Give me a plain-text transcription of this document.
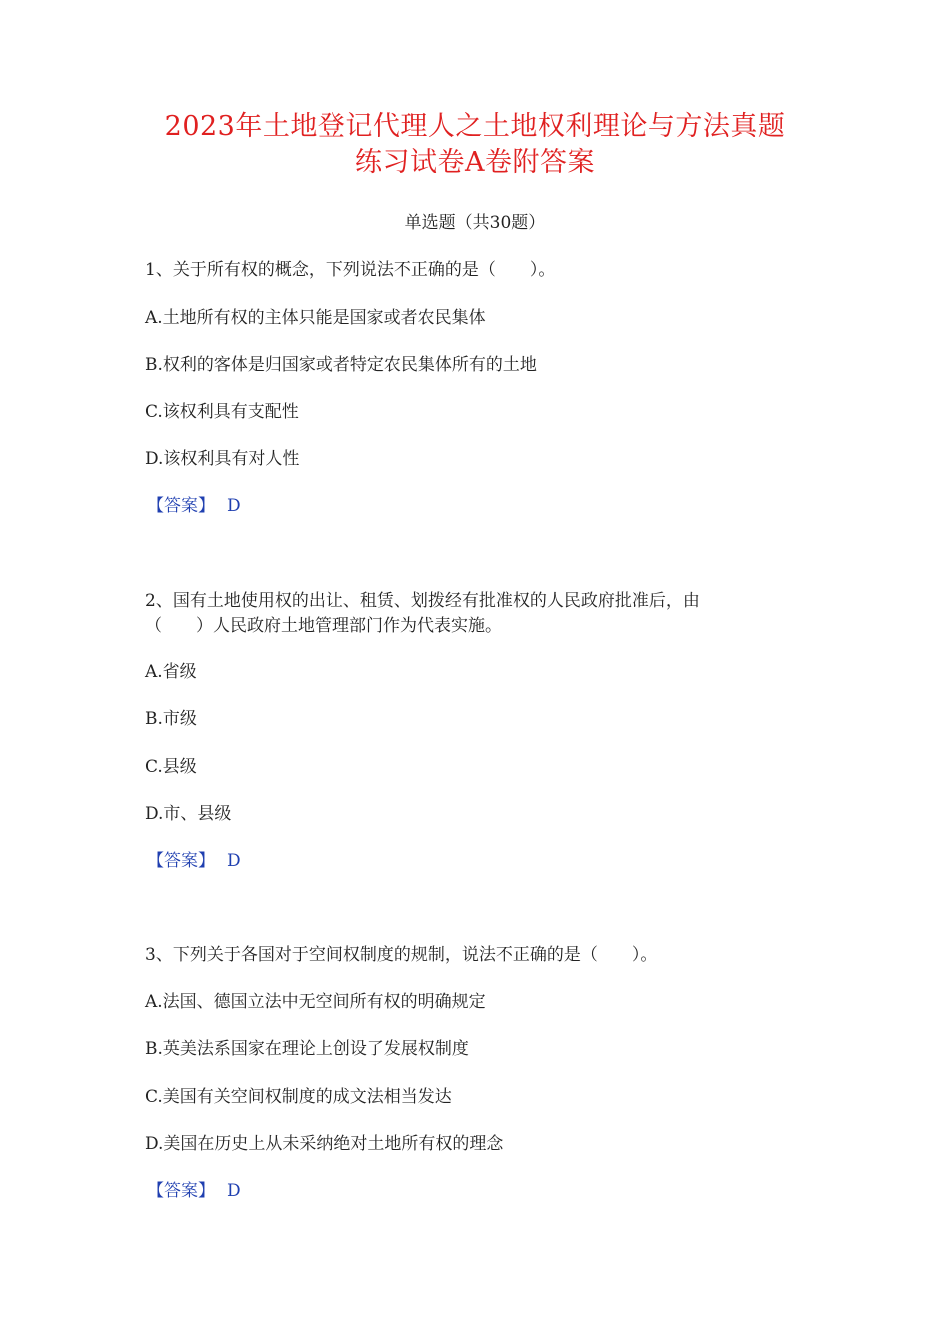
2023年土地登记代理人之土地权利理论与方法真题
练习试卷A卷附答案
单选题（共30题）
1、关于所有权的概念，下列说法不正确的是（　　）。
A.土地所有权的主体只能是国家或者农民集体
B.权利的客体是归国家或者特定农民集体所有的土地
C.该权利具有支配性
D.该权利具有对人性
【答案】 D
2、国有土地使用权的出让、租赁、划拨经有批准权的人民政府批准后，由
（　　）人民政府土地管理部门作为代表实施。
A.省级
B.市级
C.县级
D.市、县级
【答案】 D
3、下列关于各国对于空间权制度的规制，说法不正确的是（　　）。
A.法国、德国立法中无空间所有权的明确规定
B.英美法系国家在理论上创设了发展权制度
C.美国有关空间权制度的成文法相当发达
D.美国在历史上从未采纳绝对土地所有权的理念
【答案】 D
